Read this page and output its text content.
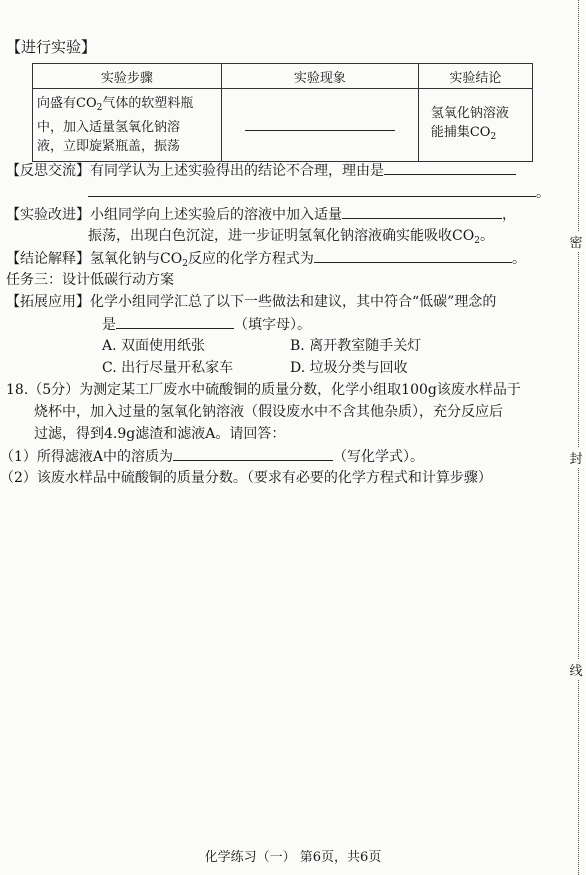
【进行实验】
实验步骤	实验现象	实验结论
向盛有$CO_2$气体的软塑料瓶
中，加入适量氢氧化钠溶
液，立即旋紧瓶盖，振荡		氢氧化钠溶液
能捕集$CO_2$
【反思交流】有同学认为上述实验得出的结论不合理，理由是
。
【实验改进】小组同学向上述实验后的溶液中加入适量	，
振荡，出现白色沉淀，进一步证明氢氧化钠溶液确实能吸收$CO_2$。
【结论解释】氢氧化钠与$CO_2$反应的化学方程式为	。
任务三：设计低碳行动方案
【拓展应用】化学小组同学汇总了以下一些做法和建议，其中符合“低碳”理念的
是	（填字母）。
A. 双面使用纸张	B. 离开教室随手关灯
C. 出行尽量开私家车	D. 垃圾分类与回收
18.（5分）为测定某工厂废水中硫酸铜的质量分数，化学小组取100g该废水样品于
烧杯中，加入过量的氢氧化钠溶液（假设废水中不含其他杂质），充分反应后
过滤，得到4.9g滤渣和滤液A。请回答：
（1）所得滤液A中的溶质为	（写化学式）。
（2）该废水样品中硫酸铜的质量分数。（要求有必要的化学方程式和计算步骤）
密
封
线
化学练习（一） 第6页，共6页
